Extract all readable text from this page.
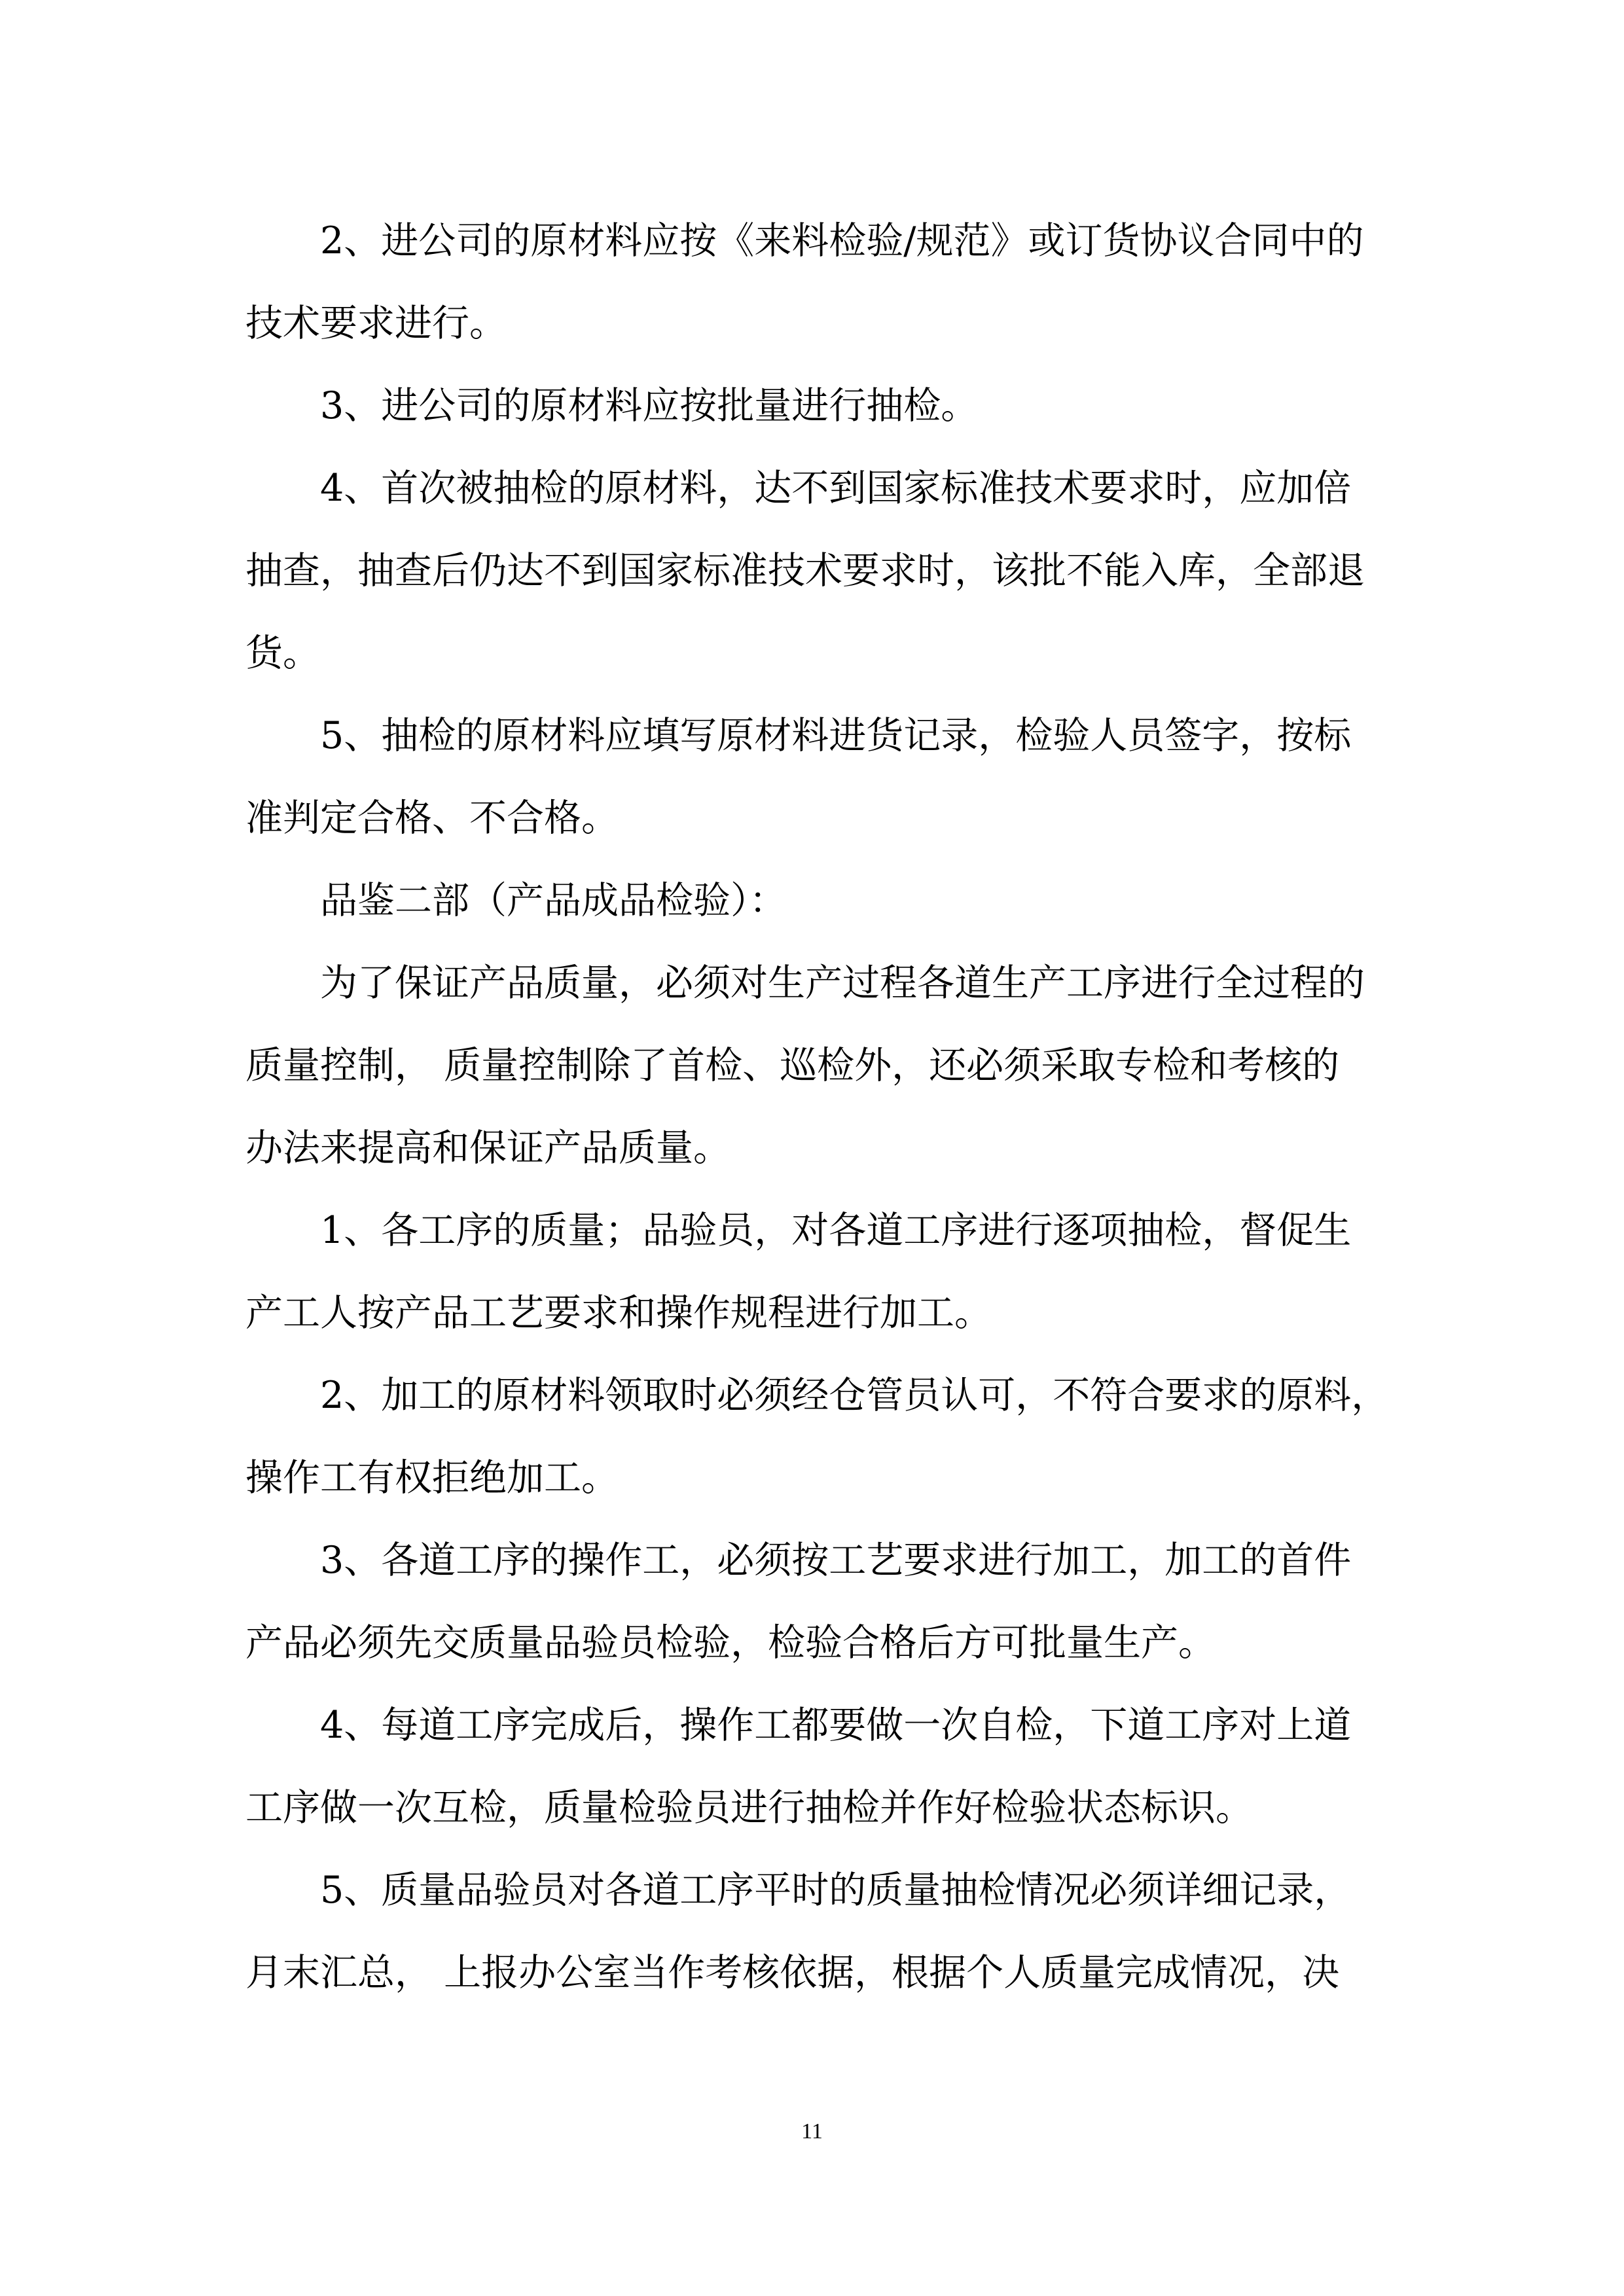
2、进公司的原材料应按《来料检验/规范》或订货协议合同中的
技术要求进行。
3、进公司的原材料应按批量进行抽检。
4、首次被抽检的原材料，达不到国家标准技术要求时，应加倍
抽查，抽查后仍达不到国家标准技术要求时，该批不能入库，全部退
货。
5、抽检的原材料应填写原材料进货记录，检验人员签字，按标
准判定合格、不合格。
品鉴二部（产品成品检验）：
为了保证产品质量，必须对生产过程各道生产工序进行全过程的
质量控制， 质量控制除了首检、巡检外，还必须采取专检和考核的
办法来提高和保证产品质量。
1、各工序的质量；品验员，对各道工序进行逐项抽检，督促生
产工人按产品工艺要求和操作规程进行加工。
2、加工的原材料领取时必须经仓管员认可，不符合要求的原料，
操作工有权拒绝加工。
3、各道工序的操作工，必须按工艺要求进行加工，加工的首件
产品必须先交质量品验员检验，检验合格后方可批量生产。
4、每道工序完成后，操作工都要做一次自检，下道工序对上道
工序做一次互检，质量检验员进行抽检并作好检验状态标识。
5、质量品验员对各道工序平时的质量抽检情况必须详细记录，
月末汇总， 上报办公室当作考核依据，根据个人质量完成情况，决
11
